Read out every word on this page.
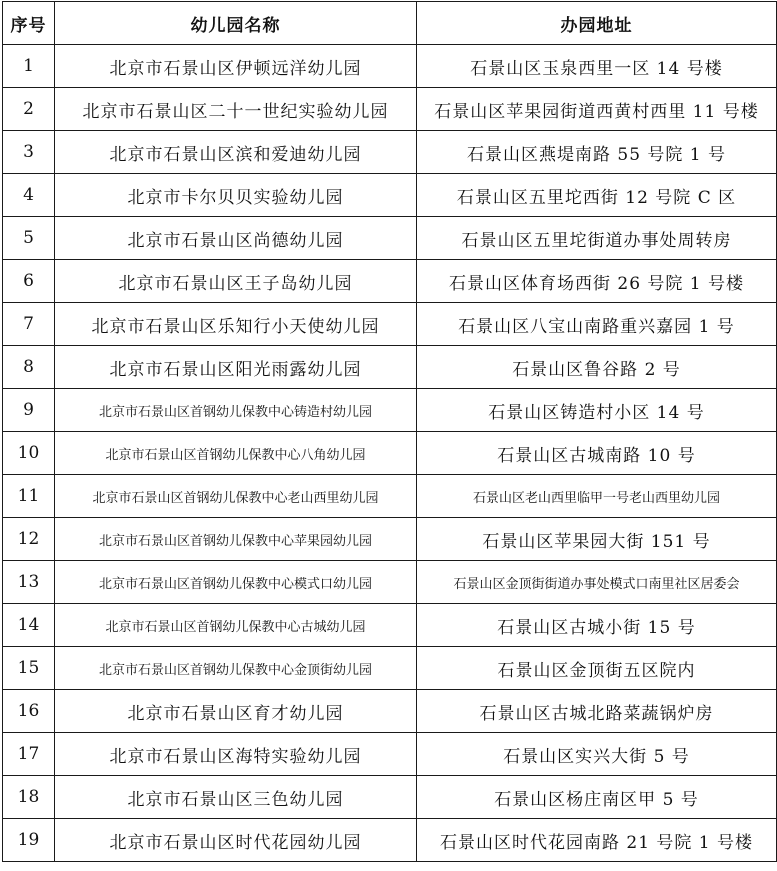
序号	幼儿园名称	办园地址
1	北京市石景山区伊顿远洋幼儿园	石景山区玉泉西里一区 14 号楼
2	北京市石景山区二十一世纪实验幼儿园	石景山区苹果园街道西黄村西里 11 号楼
3	北京市石景山区滨和爱迪幼儿园	石景山区燕堤南路 55 号院 1 号
4	北京市卡尔贝贝实验幼儿园	石景山区五里坨西街 12 号院 C 区
5	北京市石景山区尚德幼儿园	石景山区五里坨街道办事处周转房
6	北京市石景山区王子岛幼儿园	石景山区体育场西街 26 号院 1 号楼
7	北京市石景山区乐知行小天使幼儿园	石景山区八宝山南路重兴嘉园 1 号
8	北京市石景山区阳光雨露幼儿园	石景山区鲁谷路 2 号
9	北京市石景山区首钢幼儿保教中心铸造村幼儿园	石景山区铸造村小区 14 号
10	北京市石景山区首钢幼儿保教中心八角幼儿园	石景山区古城南路 10 号
11	北京市石景山区首钢幼儿保教中心老山西里幼儿园	石景山区老山西里临甲一号老山西里幼儿园
12	北京市石景山区首钢幼儿保教中心苹果园幼儿园	石景山区苹果园大街 151 号
13	北京市石景山区首钢幼儿保教中心模式口幼儿园	石景山区金顶街街道办事处模式口南里社区居委会
14	北京市石景山区首钢幼儿保教中心古城幼儿园	石景山区古城小街 15 号
15	北京市石景山区首钢幼儿保教中心金顶街幼儿园	石景山区金顶街五区院内
16	北京市石景山区育才幼儿园	石景山区古城北路菜蔬锅炉房
17	北京市石景山区海特实验幼儿园	石景山区实兴大街 5 号
18	北京市石景山区三色幼儿园	石景山区杨庄南区甲 5 号
19	北京市石景山区时代花园幼儿园	石景山区时代花园南路 21 号院 1 号楼
